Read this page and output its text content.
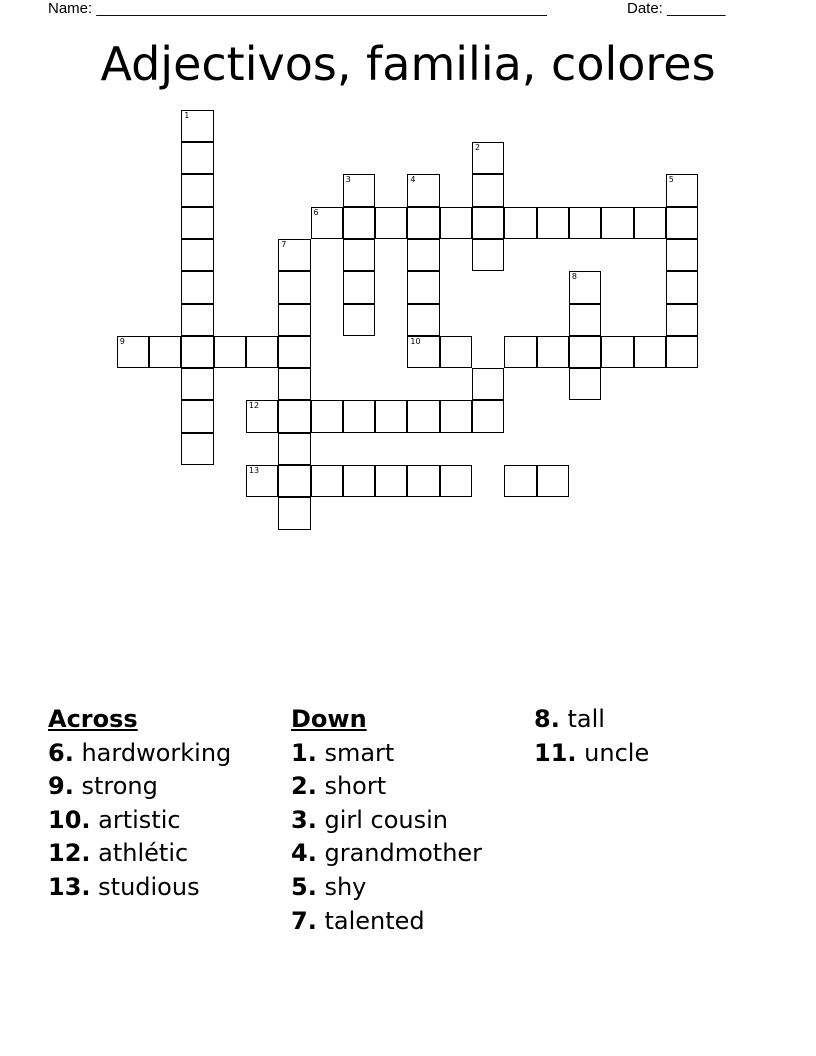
Name: ______________________________________________________	Date: _______
Adjectivos, familia, colores
1
2
3	4
10
5
6
7
8
9
12
13
Across
6. hardworking
9. strong
10. artistic
12. athlétic
13. studious
Down
1. smart
2. short
3. girl cousin
4. grandmother
5. shy
7. talented
8. tall
11. uncle
